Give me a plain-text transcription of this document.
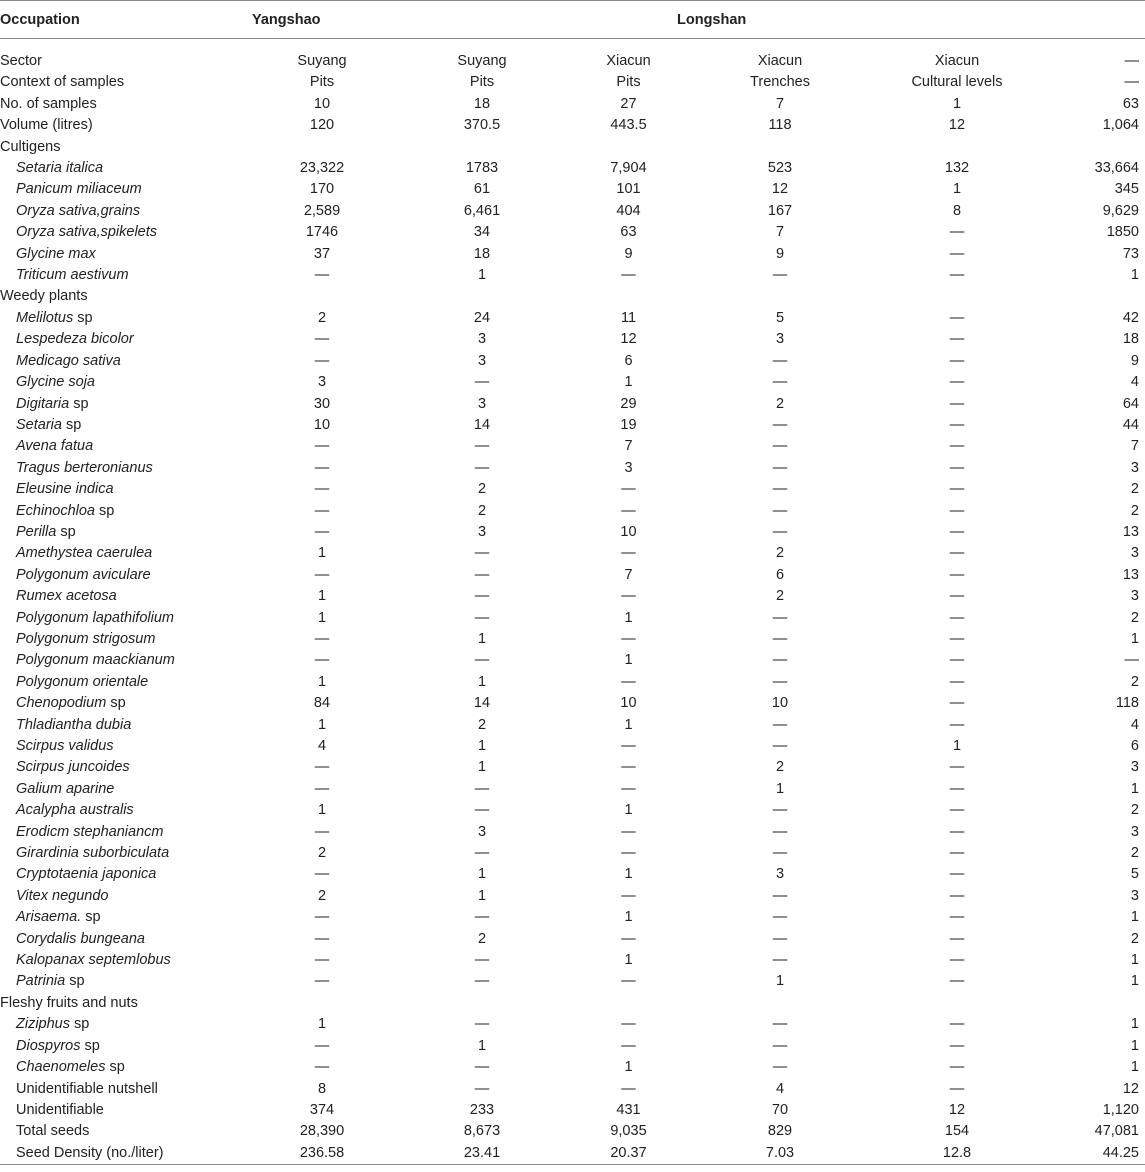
Occupation	Yangshao			Longshan		
Sector	Suyang	Suyang	Xiacun	Xiacun	Xiacun	—
Context of samples	Pits	Pits	Pits	Trenches	Cultural levels	—
No. of samples	10	18	27	7	1	63
Volume (litres)	120	370.5	443.5	118	12	1,064
Cultigens						
Setaria italica	23,322	1783	7,904	523	132	33,664
Panicum miliaceum	170	61	101	12	1	345
Oryza sativa,grains	2,589	6,461	404	167	8	9,629
Oryza sativa,spikelets	1746	34	63	7	—	1850
Glycine max	37	18	9	9	—	73
Triticum aestivum	—	1	—	—	—	1
Weedy plants						
Melilotus sp	2	24	11	5	—	42
Lespedeza bicolor	—	3	12	3	—	18
Medicago sativa	—	3	6	—	—	9
Glycine soja	3	—	1	—	—	4
Digitaria sp	30	3	29	2	—	64
Setaria sp	10	14	19	—	—	44
Avena fatua	—	—	7	—	—	7
Tragus berteronianus	—	—	3	—	—	3
Eleusine indica	—	2	—	—	—	2
Echinochloa sp	—	2	—	—	—	2
Perilla sp	—	3	10	—	—	13
Amethystea caerulea	1	—	—	2	—	3
Polygonum aviculare	—	—	7	6	—	13
Rumex acetosa	1	—	—	2	—	3
Polygonum lapathifolium	1	—	1	—	—	2
Polygonum strigosum	—	1	—	—	—	1
Polygonum maackianum	—	—	1	—	—	—
Polygonum orientale	1	1	—	—	—	2
Chenopodium sp	84	14	10	10	—	118
Thladiantha dubia	1	2	1	—	—	4
Scirpus validus	4	1	—	—	1	6
Scirpus juncoides	—	1	—	2	—	3
Galium aparine	—	—	—	1	—	1
Acalypha australis	1	—	1	—	—	2
Erodicm stephaniancm	—	3	—	—	—	3
Girardinia suborbiculata	2	—	—	—	—	2
Cryptotaenia japonica	—	1	1	3	—	5
Vitex negundo	2	1	—	—	—	3
Arisaema. sp	—	—	1	—	—	1
Corydalis bungeana	—	2	—	—	—	2
Kalopanax septemlobus	—	—	1	—	—	1
Patrinia sp	—	—	—	1	—	1
Fleshy fruits and nuts						
Ziziphus sp	1	—	—	—	—	1
Diospyros sp	—	1	—	—	—	1
Chaenomeles sp	—	—	1	—	—	1
Unidentifiable nutshell	8	—	—	4	—	12
Unidentifiable	374	233	431	70	12	1,120
Total seeds	28,390	8,673	9,035	829	154	47,081
Seed Density (no./liter)	236.58	23.41	20.37	7.03	12.8	44.25
